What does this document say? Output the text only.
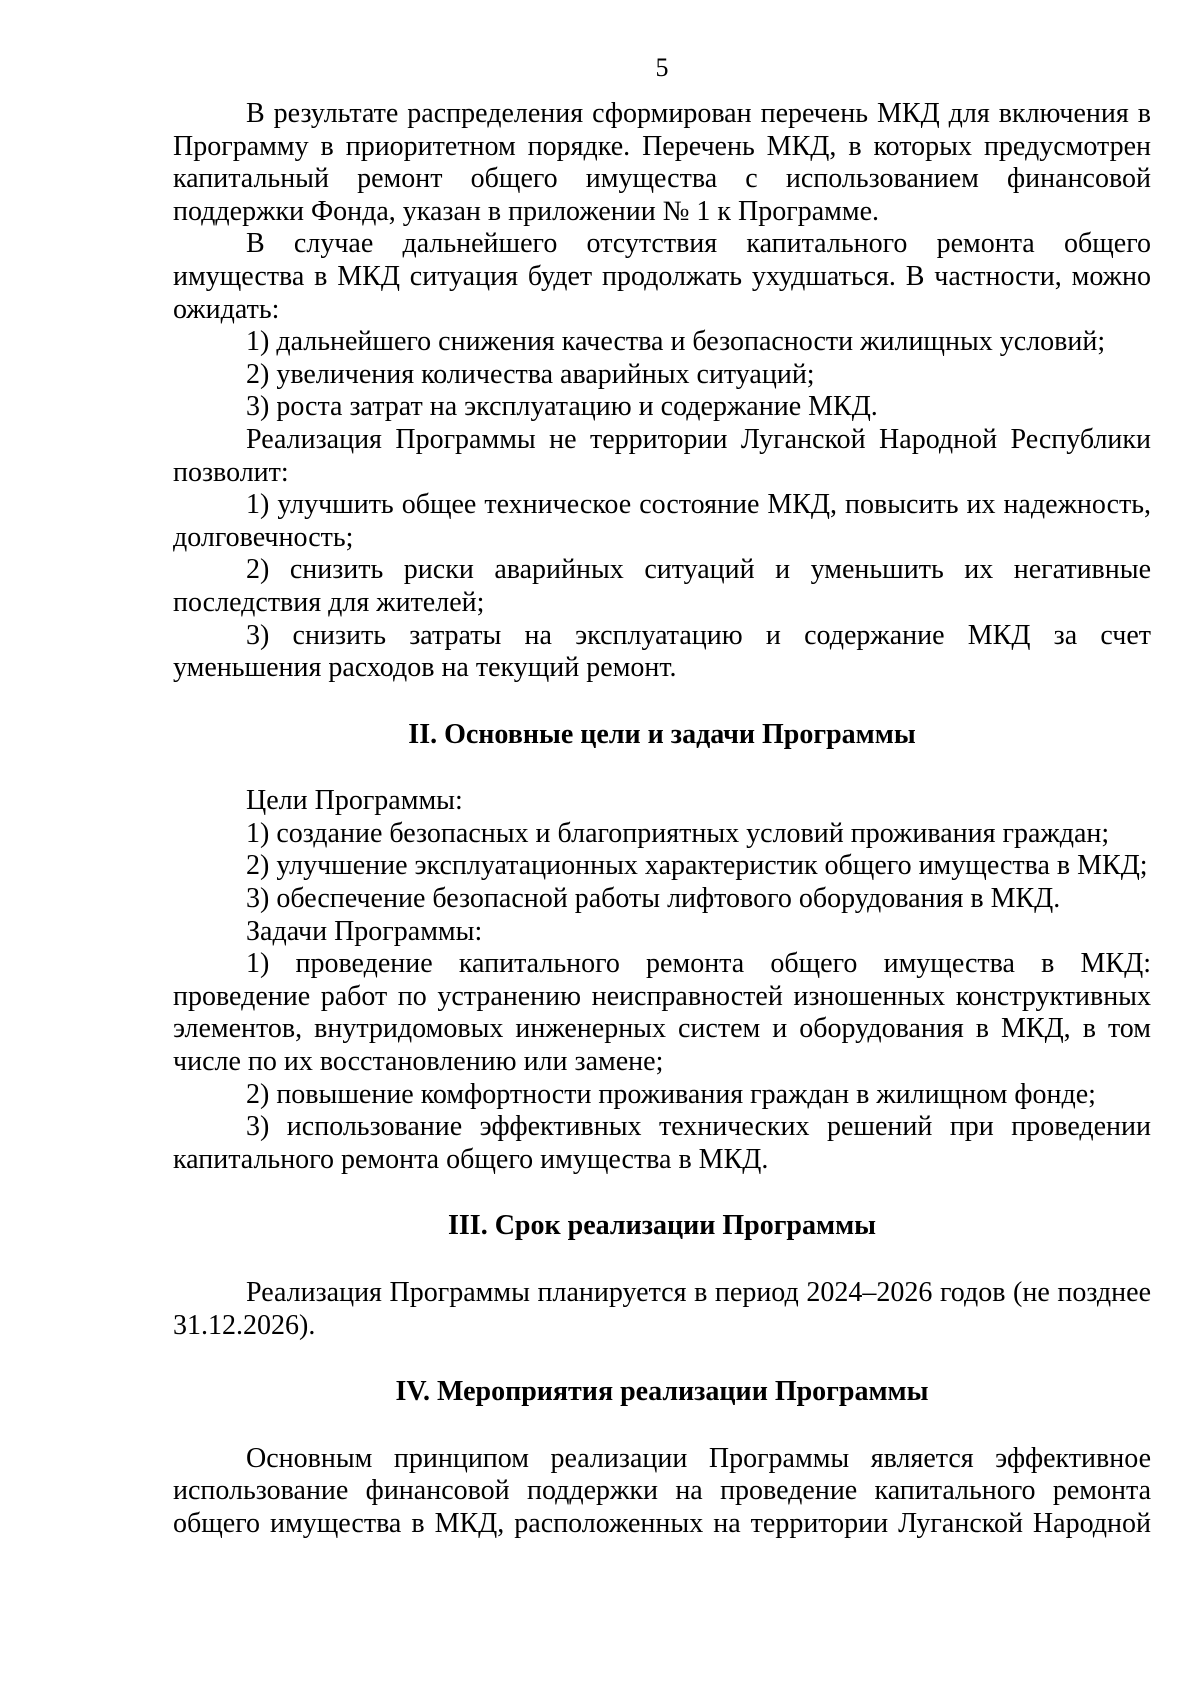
5

В результате распределения сформирован перечень МКД для включения в Программу в приоритетном порядке. Перечень МКД, в которых предусмотрен капитальный ремонт общего имущества с использованием финансовой поддержки Фонда, указан в приложении № 1 к Программе.

В случае дальнейшего отсутствия капитального ремонта общего имущества в МКД ситуация будет продолжать ухудшаться. В частности, можно ожидать:

1) дальнейшего снижения качества и безопасности жилищных условий;

2) увеличения количества аварийных ситуаций;

3) роста затрат на эксплуатацию и содержание МКД.

Реализация Программы не территории Луганской Народной Республики позволит:

1) улучшить общее техническое состояние МКД, повысить их надежность, долговечность;

2) снизить риски аварийных ситуаций и уменьшить их негативные последствия для жителей;

3) снизить затраты на эксплуатацию и содержание МКД за счет уменьшения расходов на текущий ремонт.

II. Основные цели и задачи Программы

Цели Программы:

1) создание безопасных и благоприятных условий проживания граждан;

2) улучшение эксплуатационных характеристик общего имущества в МКД;

3) обеспечение безопасной работы лифтового оборудования в МКД.

Задачи Программы:

1) проведение капитального ремонта общего имущества в МКД: проведение работ по устранению неисправностей изношенных конструктивных элементов, внутридомовых инженерных систем и оборудования в МКД, в том числе по их восстановлению или замене;

2) повышение комфортности проживания граждан в жилищном фонде;

3) использование эффективных технических решений при проведении капитального ремонта общего имущества в МКД.

III. Срок реализации Программы

Реализация Программы планируется в период 2024–2026 годов (не позднее 31.12.2026).

IV. Мероприятия реализации Программы

Основным принципом реализации Программы является эффективное использование финансовой поддержки на проведение капитального ремонта общего имущества в МКД, расположенных на территории Луганской Народной
